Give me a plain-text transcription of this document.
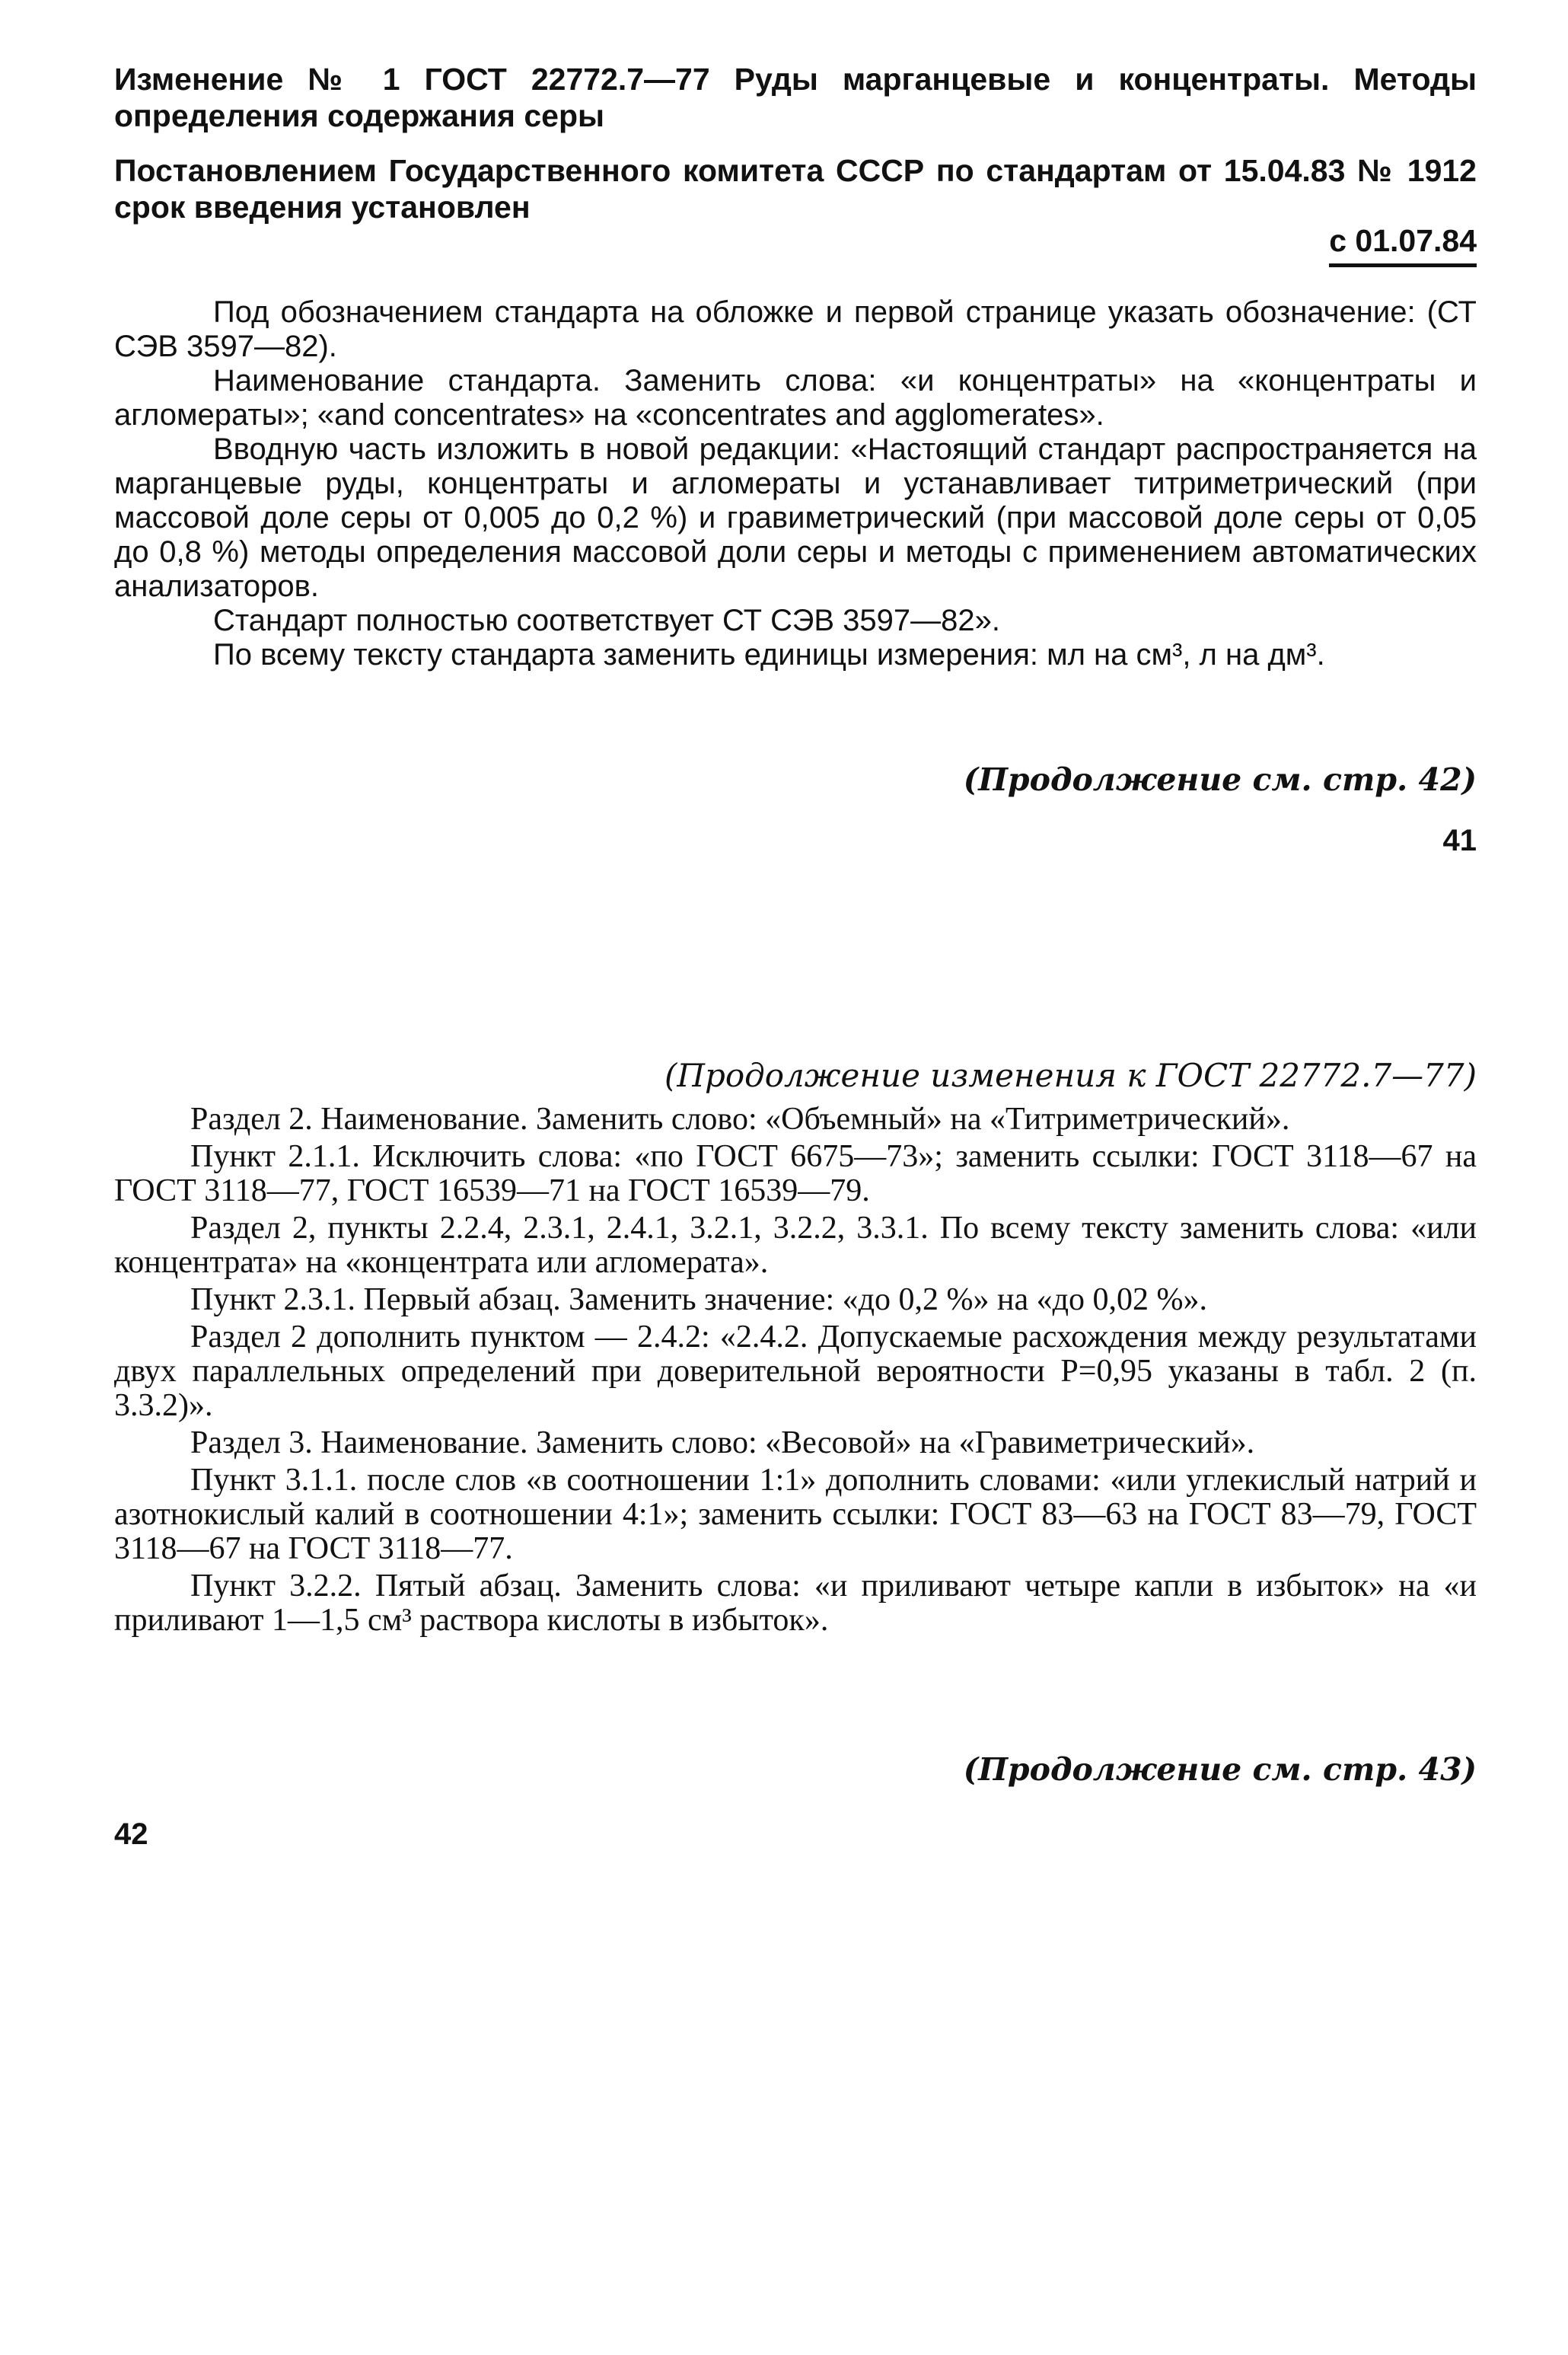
Изменение № 1 ГОСТ 22772.7—77 Руды марганцевые и концентраты. Методы определения содержания серы

Постановлением Государственного комитета СССР по стандартам от 15.04.83 № 1912 срок введения установлен

с 01.07.84

Под обозначением стандарта на обложке и первой странице указать обозначение: (СТ СЭВ 3597—82).

Наименование стандарта. Заменить слова: «и концентраты» на «концентраты и агломераты»; «and concentrates» на «concentrates and agglomerates».

Вводную часть изложить в новой редакции: «Настоящий стандарт распространяется на марганцевые руды, концентраты и агломераты и устанавливает титриметрический (при массовой доле серы от 0,005 до 0,2 %) и гравиметрический (при массовой доле серы от 0,05 до 0,8 %) методы определения массовой доли серы и методы с применением автоматических анализаторов.

Стандарт полностью соответствует СТ СЭВ 3597—82».

По всему тексту стандарта заменить единицы измерения: мл на см³, л на дм³.

(Продолжение см. стр. 42)
41
(Продолжение изменения к ГОСТ 22772.7—77)

Раздел 2. Наименование. Заменить слово: «Объемный» на «Титриметрический».

Пункт 2.1.1. Исключить слова: «по ГОСТ 6675—73»; заменить ссылки: ГОСТ 3118—67 на ГОСТ 3118—77, ГОСТ 16539—71 на ГОСТ 16539—79.

Раздел 2, пункты 2.2.4, 2.3.1, 2.4.1, 3.2.1, 3.2.2, 3.3.1. По всему тексту заменить слова: «или концентрата» на «концентрата или агломерата».

Пункт 2.3.1. Первый абзац. Заменить значение: «до 0,2 %» на «до 0,02 %».

Раздел 2 дополнить пунктом — 2.4.2: «2.4.2. Допускаемые расхождения между результатами двух параллельных определений при доверительной вероятности P=0,95 указаны в табл. 2 (п. 3.3.2)».

Раздел 3. Наименование. Заменить слово: «Весовой» на «Гравиметрический».

Пункт 3.1.1. после слов «в соотношении 1:1» дополнить словами: «или углекислый натрий и азотнокислый калий в соотношении 4:1»; заменить ссылки: ГОСТ 83—63 на ГОСТ 83—79, ГОСТ 3118—67 на ГОСТ 3118—77.

Пункт 3.2.2. Пятый абзац. Заменить слова: «и приливают четыре капли в избыток» на «и приливают 1—1,5 см³ раствора кислоты в избыток».

(Продолжение см. стр. 43)
42
